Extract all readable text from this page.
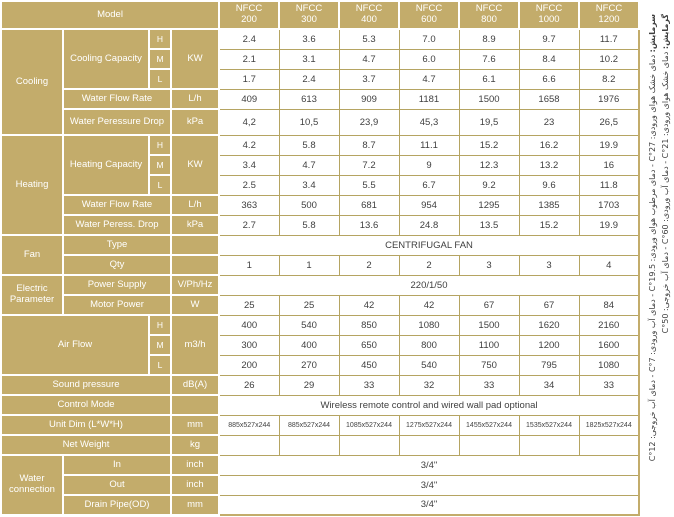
Model				NFCC 200	NFCC 300	NFCC 400	NFCC 600	NFCC 800	NFCC 1000	NFCC 1200
Cooling	Cooling Capacity	H	KW	2.4	3.6	5.3	7.0	8.9	9.7	11.7
		M		2.1	3.1	4.7	6.0	7.6	8.4	10.2
		L		1.7	2.4	3.7	4.7	6.1	6.6	8.2
	Water Flow Rate		L/h	409	613	909	1181	1500	1658	1976
	Water Peressure Drop		kPa	4,2	10,5	23,9	45,3	19,5	23	26,5
Heating	Heating Capacity	H	KW	4.2	5.8	8.7	11.1	15.2	16.2	19.9
		M		3.4	4.7	7.2	9	12.3	13.2	16
		L		2.5	3.4	5.5	6.7	9.2	9.6	11.8
	Water Flow Rate		L/h	363	500	681	954	1295	1385	1703
	Water Peress. Drop		kPa	2.7	5.8	13.6	24.8	13.5	15.2	19.9
Fan	Type			CENTRIFUGAL FAN						
	Qty			1	1	2	2	3	3	4
Electric Parameter	Power Supply		V/Ph/Hz	220/1/50						
	Motor Power		W	25	25	42	42	67	67	84
Air Flow		H	m3/h	400	540	850	1080	1500	1620	2160
		M		300	400	650	800	1100	1200	1600
		L		200	270	450	540	750	795	1080
Sound pressure			dB(A)	26	29	33	32	33	34	33
Control Mode				Wireless remote control and wired wall pad optional						
Unit Dim (L*W*H)			mm	885x527x244	885x527x244	1085x527x244	1275x527x244	1455x527x244	1535x527x244	1825x527x244
Net Weight			kg							
Water connection	In		inch	3/4"						
	Out		inch	3/4"						
	Drain Pipe(OD)		mm	3/4"						
سرمایش: دمای خشک هوای ورودی: 27°C - دمای مرطوب هوای ورودی: 19.5°C - دمای آب ورودی: 7°C - دمای آب خروجی: 12°C
گرمایش: دمای خشک هوای ورودی: 21°C - دمای آب ورودی: 60°C - دمای آب خروجی: 50°C
